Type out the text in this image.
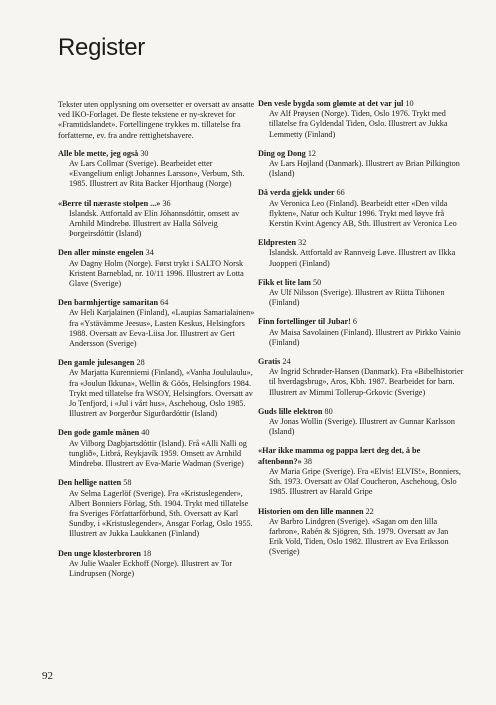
Register

Tekster uten opplysning om oversetter er oversatt av ansatte ved IKO-Forlaget. De fleste tekstene er ny-skrevet for «Framtidslandet». Fortellingene trykkes m. tillatelse fra forfatterne, ev. fra andre rettighetshavere.

Alle ble mette, jeg også 30
Av Lars Collmar (Sverige). Bearbeidet etter «Evangelium enligt Johannes Larsson», Verbum, Sth. 1985. Illustrert av Rita Backer Hjorthaug (Norge)
«Berre til næraste stolpen ...» 36
Islandsk. Attfortald av Elín Jóhannsdóttir, omsett av Arnhild Mindrebø. Illustrert av Halla Sólveig Þorgeirsdóttir (Island)
Den aller minste engelen 34
Av Dagny Holm (Norge). Først trykt i SALTO Norsk Kristent Barneblad, nr. 10/11 1996. Illustrert av Lotta Glave (Sverige)
Den barmhjertige samaritan 64
Av Heli Karjalainen (Finland), «Laupias Samarialainen» fra «Ystävämme Jeesus», Lasten Keskus, Helsingfors 1988. Oversatt av Eeva-Liisa Jor. Illustrert av Gert Andersson (Sverige)
Den gamle julesangen 28
Av Marjatta Kurenniemi (Finland), «Vanha Joululaulu», fra «Joulun Ikkuna», Wellin & Göös, Helsingfors 1984. Trykt med tillatelse fra WSOY, Helsingfors. Oversatt av Jo Tenfjord, i «Jul i vårt hus», Aschehoug, Oslo 1985. Illustrert av Þorgerður Sigurðardóttir (Island)
Den gode gamle månen 40
Av Vilborg Dagbjartsdóttir (Island). Frå «Alli Nalli og tunglið», Litbrá, Reykjavík 1959. Omsett av Arnhild Mindrebø. Illustrert av Eva-Marie Wadman (Sverige)
Den hellige natten 58
Av Selma Lagerlöf (Sverige). Fra «Kristuslegender», Albert Bonniers Förlag, Sth. 1904. Trykt med tillatelse fra Sveriges Författarförbund, Sth. Oversatt av Karl Sundby, i «Kristuslegender», Ansgar Forlag, Oslo 1955. Illustrert av Jukka Laukkanen (Finland)
Den unge klosterbroren 18
Av Julie Waaler Eckhoff (Norge). Illustrert av Tor Lindrupsen (Norge)
Den vesle bygda som glømte at det var jul 10
Av Alf Prøysen (Norge). Tiden, Oslo 1976. Trykt med tillatelse fra Gyldendal Tiden, Oslo. Illustrert av Jukka Lemmetty (Finland)
Ding og Dong 12
Av Lars Højland (Danmark). Illustrert av Brian Pilkington (Island)
Då verda gjekk under 66
Av Veronica Leo (Finland). Bearbeidt etter «Den vilda flykten», Natur och Kultur 1996. Trykt med løyve frå Kerstin Kvint Agency AB, Sth. Illustrert av Veronica Leo
Eldpresten 32
Islandsk. Attfortald av Rannveig Løve. Illustrert av Ilkka Juopperi (Finland)
Fikk et lite lam 50
Av Ulf Nilsson (Sverige). Illustrert av Riitta Tiihonen (Finland)
Finn fortellinger til Jubar! 6
Av Maisa Savolainen (Finland). Illustrert av Pirkko Vainio (Finland)
Gratis 24
Av Ingrid Schrøder-Hansen (Danmark). Fra «Bibelhistorier til hverdagsbrug», Aros, Kbh. 1987. Bearbeidet for barn. Illustrert av Mimmi Tollerup-Grkovic (Sverige)
Guds lille elektron 80
Av Jonas Wollin (Sverige). Illustrert av Gunnar Karlsson (Island)
«Har ikke mamma og pappa lært deg det, å be aftenbønn?» 38
Av Maria Gripe (Sverige). Fra «Elvis! ELVIS!», Bonniers, Sth. 1973. Oversatt av Olaf Coucheron, Aschehoug, Oslo 1985. Illustrert av Harald Gripe
Historien om den lille mannen 22
Av Barbro Lindgren (Sverige). «Sagan om den lilla farbron», Rabén & Sjögren, Sth. 1979. Oversatt av Jan Erik Vold, Tiden, Oslo 1982. Illustrert av Eva Eriksson (Sverige)
92
